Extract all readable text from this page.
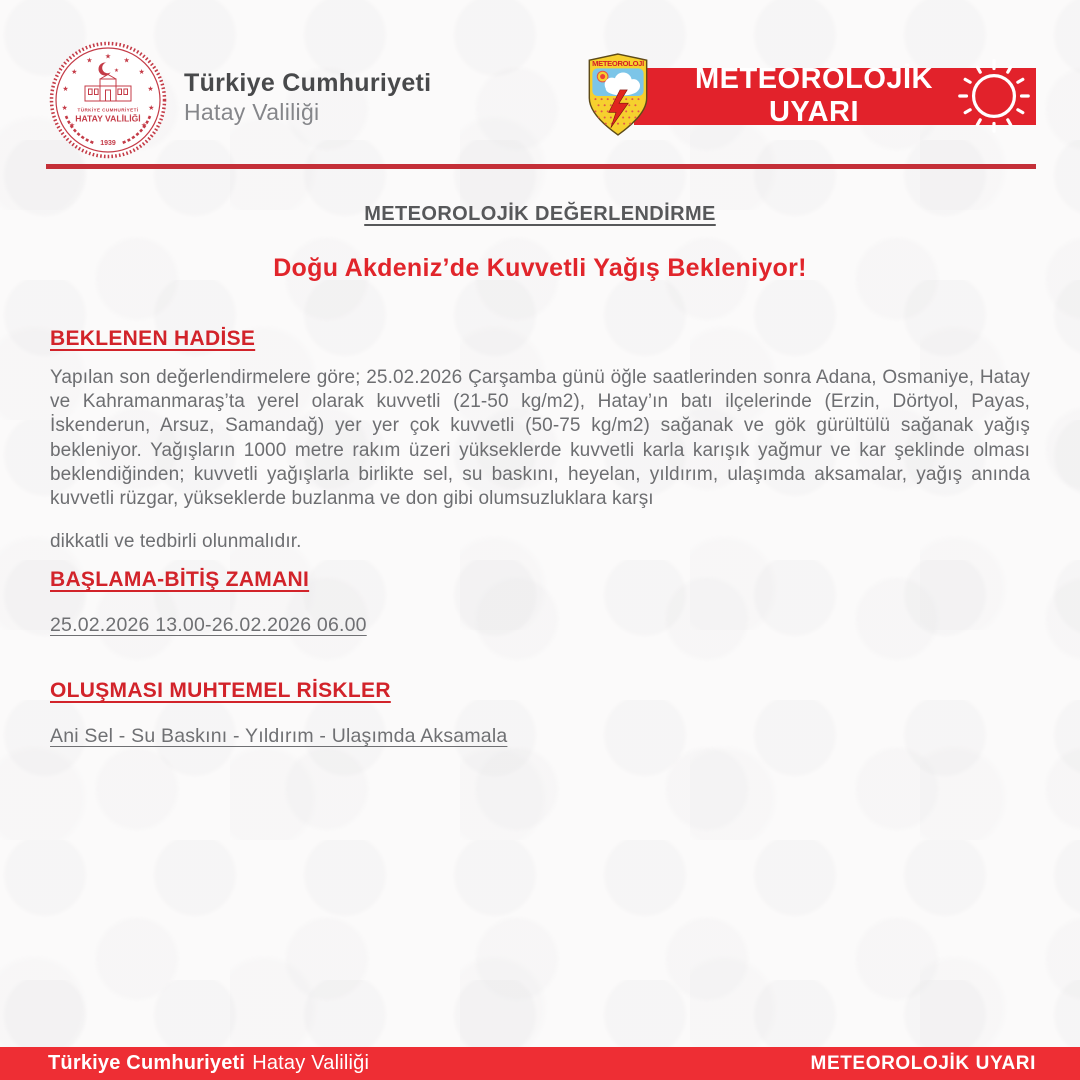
★
★
★
★
★
★
★
★
★
★
★
★
TÜRKİYE CUMHURİYETİ
HATAY VALİLİĞİ
1939
Türkiye Cumhuriyeti
Hatay Valiliği
METEOROLOJİ	METEOROLOJİK UYARI
METEOROLOJİK DEĞERLENDİRME
Doğu Akdeniz’de Kuvvetli Yağış Bekleniyor!
BEKLENEN HADİSE

Yapılan son değerlendirmelere göre; 25.02.2026 Çarşamba günü öğle saatlerinden sonra Adana, Osmaniye, Hatay ve Kahramanmaraş’ta yerel olarak kuvvetli (21-50 kg/m2), Hatay’ın batı ilçelerinde (Erzin, Dörtyol, Payas, İskenderun, Arsuz, Samandağ) yer yer çok kuvvetli (50-75 kg/m2) sağanak ve gök gürültülü sağanak yağış bekleniyor. Yağışların 1000 metre rakım üzeri yükseklerde kuvvetli karla karışık yağmur ve kar şeklinde olması beklendiğinden; kuvvetli yağışlarla birlikte sel, su baskını, heyelan, yıldırım, ulaşımda aksamalar, yağış anında kuvvetli rüzgar, yükseklerde buzlanma ve don gibi olumsuzluklara karşı

dikkatli ve tedbirli olunmalıdır.
BAŞLAMA-BİTİŞ ZAMANI
25.02.2026 13.00-26.02.2026 06.00
OLUŞMASI MUHTEMEL RİSKLER
Ani Sel - Su Baskını - Yıldırım - Ulaşımda Aksamala
Türkiye Cumhuriyeti Hatay Valiliği	METEOROLOJİK UYARI
